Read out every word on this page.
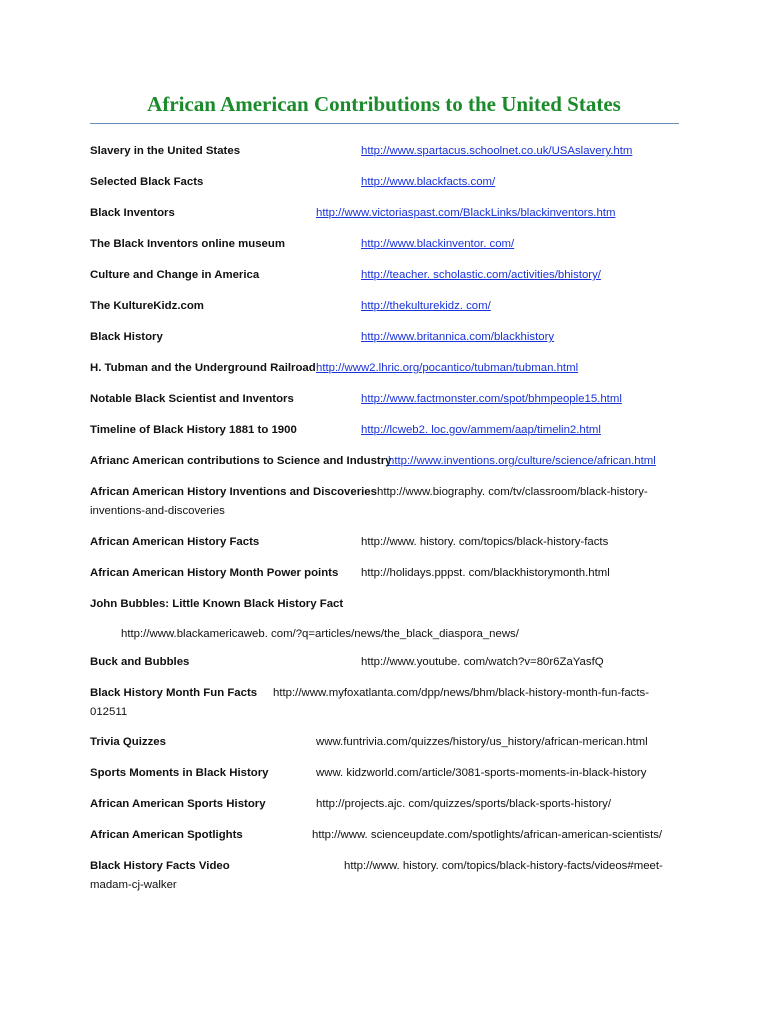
African American Contributions to the United States
Slavery in the United States	http://www.spartacus.schoolnet.co.uk/USAslavery.htm
Selected Black Facts	http://www.blackfacts.com/
Black Inventors	http://www.victoriaspast.com/BlackLinks/blackinventors.htm
The Black Inventors online museum	http://www.blackinventor. com/
Culture and Change in America	http://teacher. scholastic.com/activities/bhistory/
The KultureKidz.com	http://thekulturekidz. com/
Black History	http://www.britannica.com/blackhistory
H. Tubman and the Underground Railroad http://www2.lhric.org/pocantico/tubman/tubman.html
Notable Black Scientist and Inventors	http://www.factmonster.com/spot/bhmpeople15.html
Timeline of Black History 1881 to 1900	http://lcweb2. loc.gov/ammem/aap/timelin2.html
Afrianc American contributions to Science and Industry
http://www.inventions.org/culture/science/african.html
African American History Inventions and Discoveries http://www.biography. com/tv/classroom/black-history-
inventions-and-discoveries
African American History Facts	http://www. history. com/topics/black-history-facts
African American History Month Power points http://holidays.pppst. com/blackhistorymonth.html
John Bubbles: Little Known Black History Fact
http://www.blackamericaweb. com/?q=articles/news/the_black_diaspora_news/
Buck and Bubbles	http://www.youtube. com/watch?v=80r6ZaYasfQ
Black History Month Fun Facts http://www.myfoxatlanta.com/dpp/news/bhm/black-history-month-fun-facts-
012511
Trivia Quizzes	www.funtrivia.com/quizzes/history/us_history/african-merican.html
Sports Moments in Black History	www. kidzworld.com/article/3081-sports-moments-in-black-history
African American Sports History	http://projects.ajc. com/quizzes/sports/black-sports-history/
African American Spotlights	http://www. scienceupdate.com/spotlights/african-american-scientists/
Black History Facts Video	http://www. history. com/topics/black-history-facts/videos#meet-
madam-cj-walker
